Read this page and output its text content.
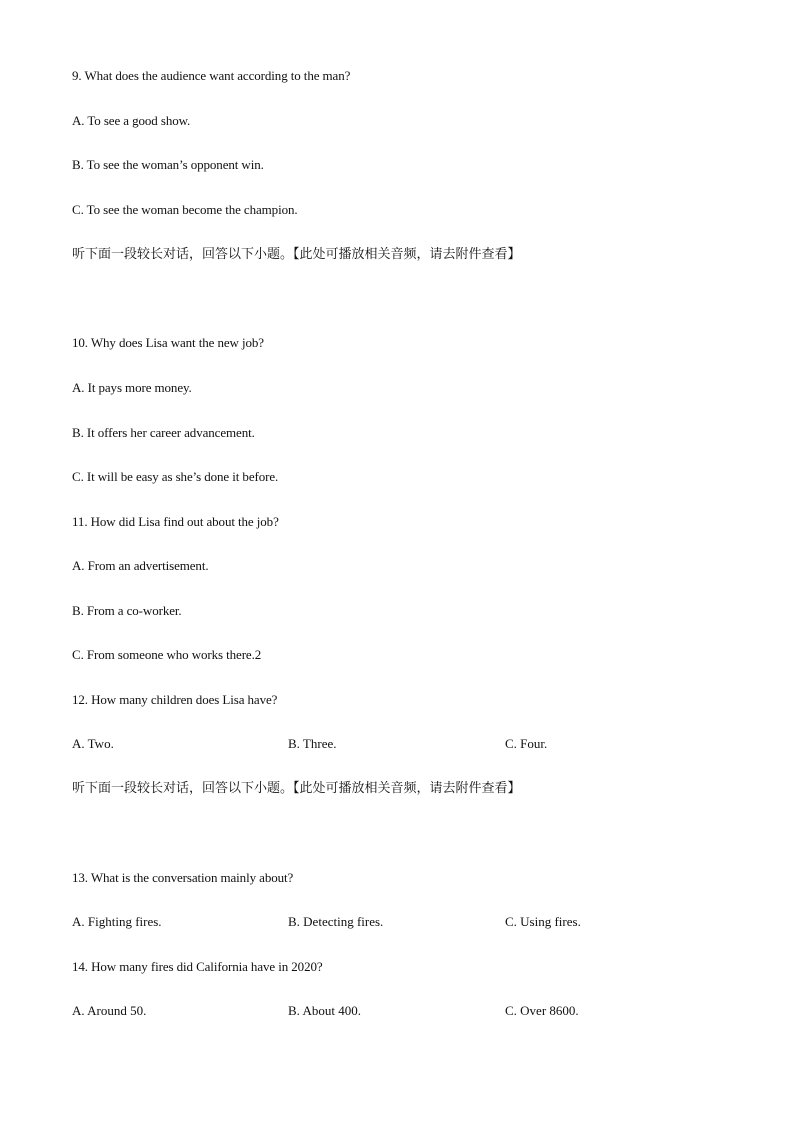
9. What does the audience want according to the man?
A. To see a good show.
B. To see the woman’s opponent win.
C. To see the woman become the champion.
听下面一段较长对话，回答以下小题。【此处可播放相关音频，请去附件查看】
10. Why does Lisa want the new job?
A. It pays more money.
B. It offers her career advancement.
C. It will be easy as she’s done it before.
11. How did Lisa find out about the job?
A. From an advertisement.
B. From a co-worker.
C. From someone who works there.2
12. How many children does Lisa have?
A. Two.	B. Three.	C. Four.
听下面一段较长对话，回答以下小题。【此处可播放相关音频，请去附件查看】
13. What is the conversation mainly about?
A. Fighting fires.	B. Detecting fires.	C. Using fires.
14. How many fires did California have in 2020?
A. Around 50.	B. About 400.	C. Over 8600.
